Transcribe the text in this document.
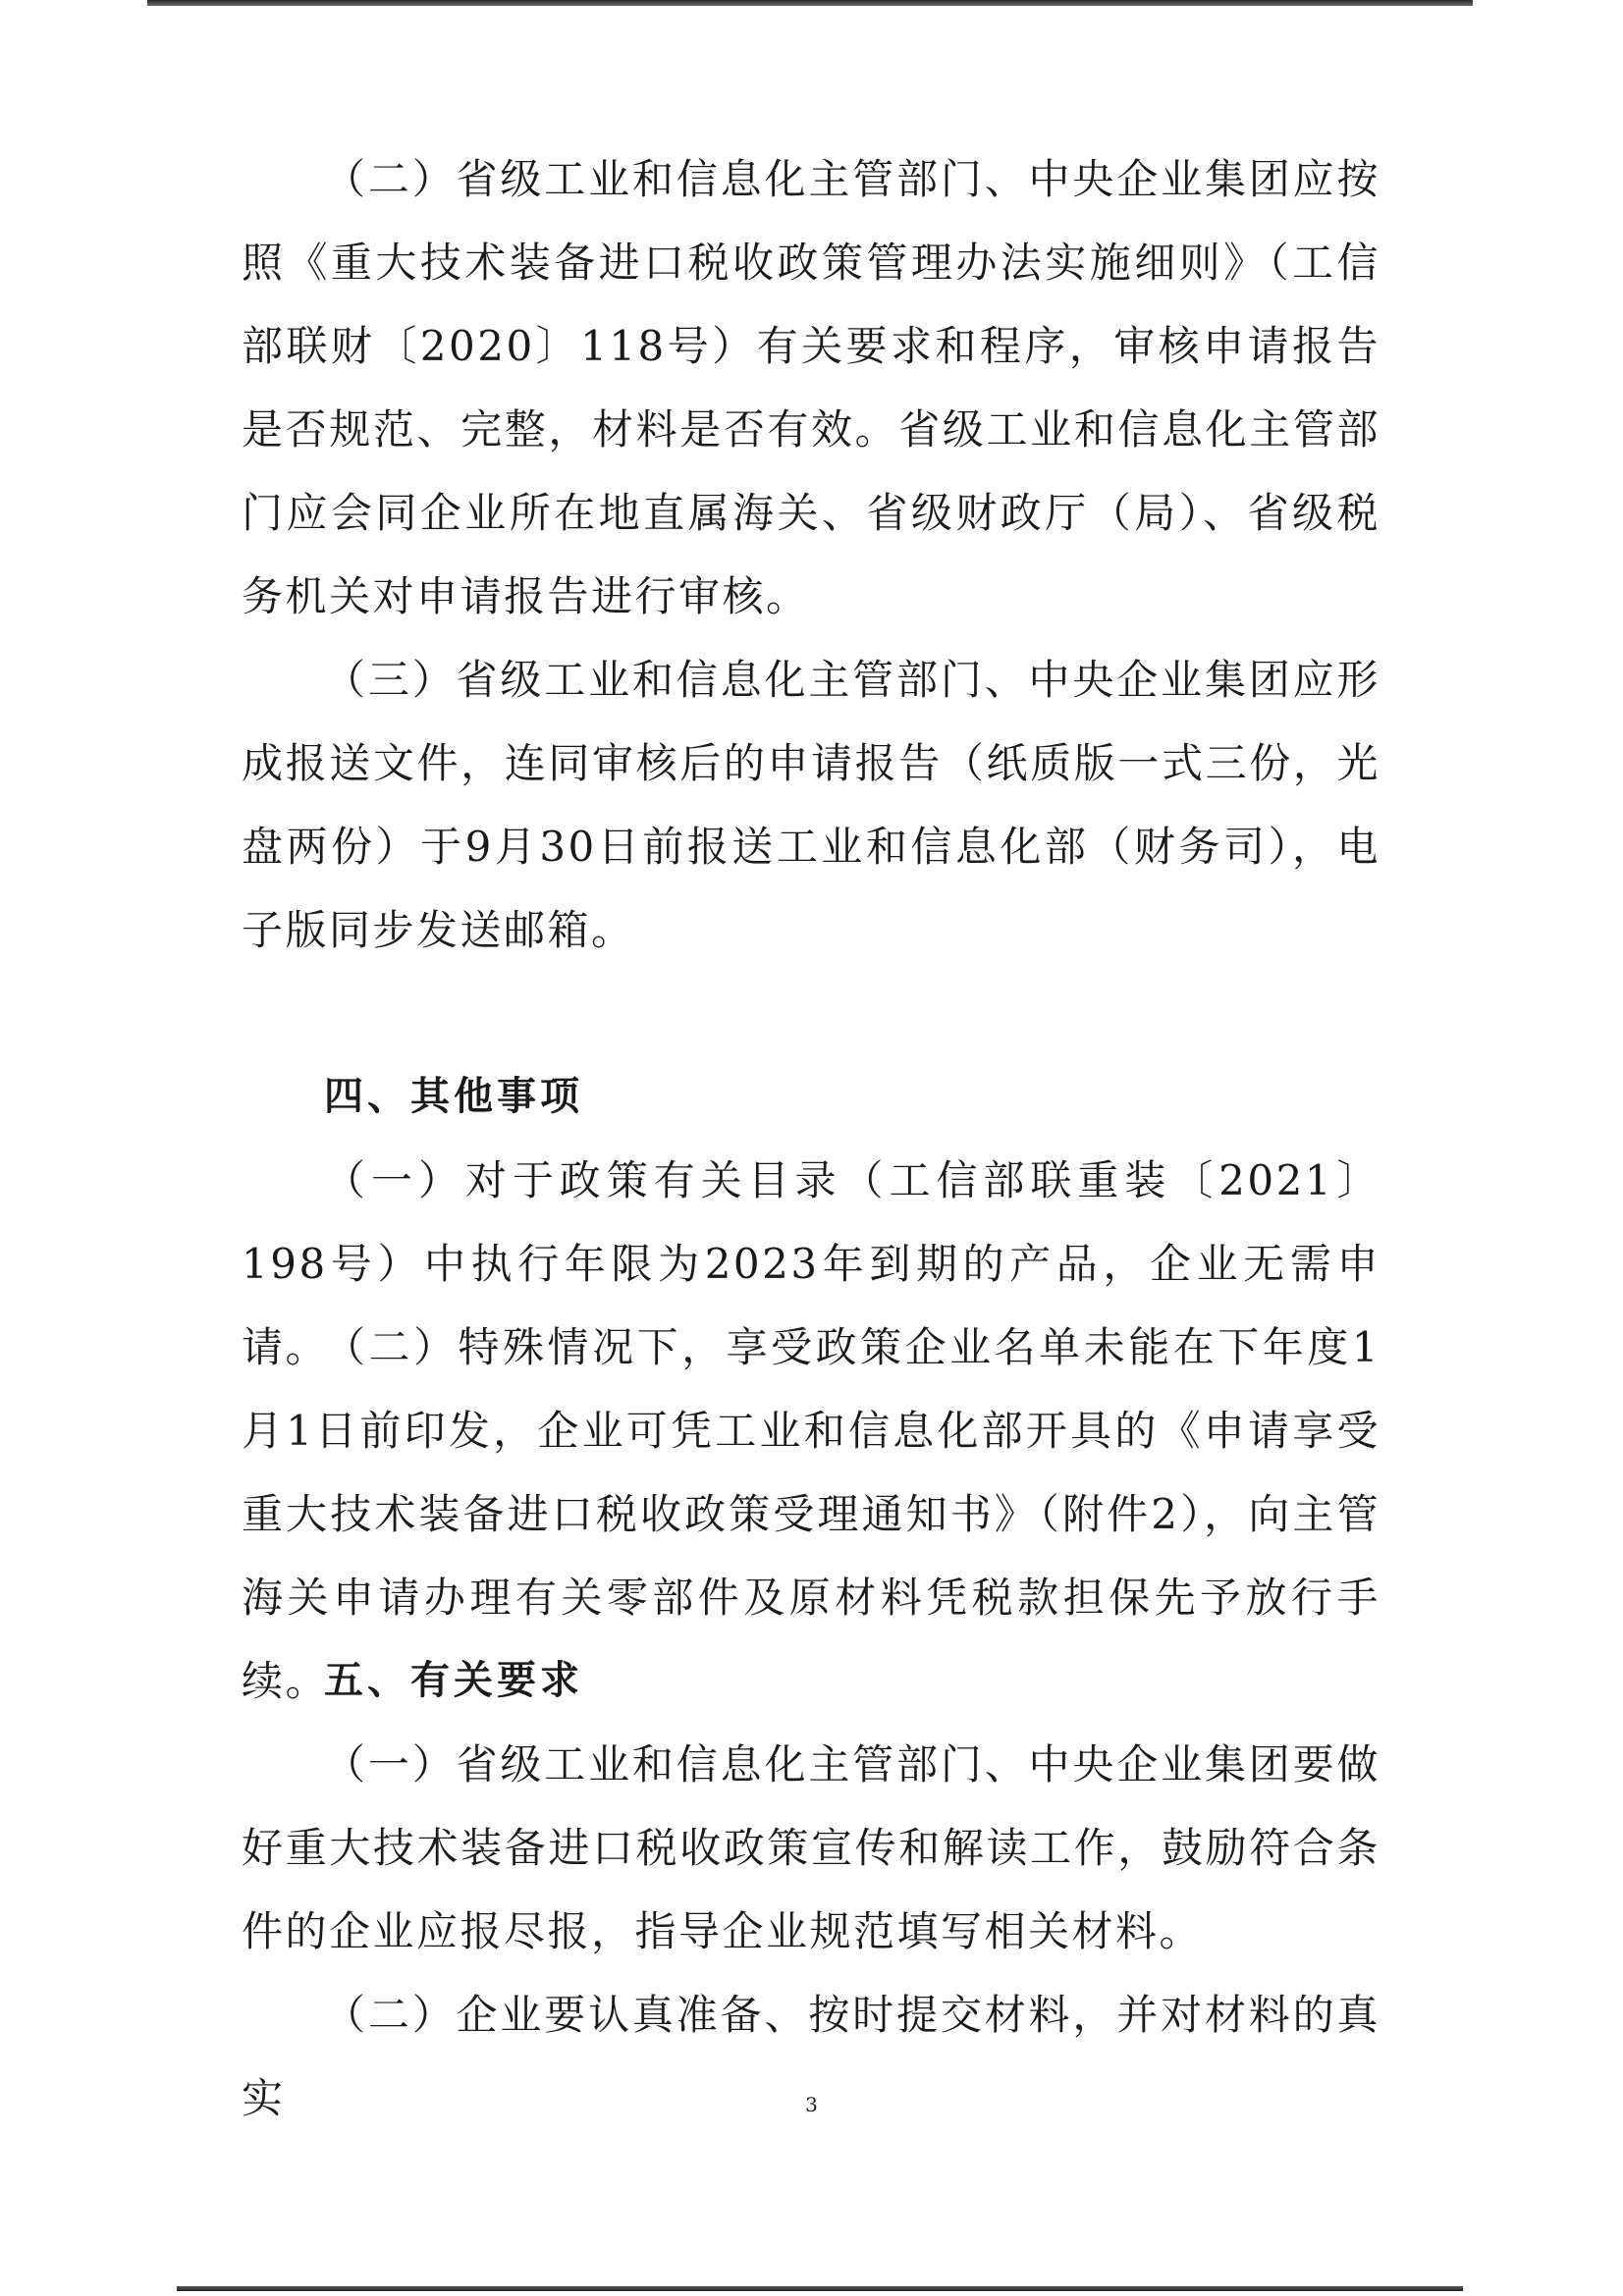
（二）省级工业和信息化主管部门、中央企业集团应按照《重大技术装备进口税收政策管理办法实施细则》（工信部联财〔2020〕118号）有关要求和程序，审核申请报告是否规范、完整，材料是否有效。省级工业和信息化主管部门应会同企业所在地直属海关、省级财政厅（局）、省级税务机关对申请报告进行审核。

（三）省级工业和信息化主管部门、中央企业集团应形成报送文件，连同审核后的申请报告（纸质版一式三份，光盘两份）于9月30日前报送工业和信息化部（财务司），电子版同步发送邮箱。

四、其他事项

（一）对于政策有关目录（工信部联重装〔2021〕198号）中执行年限为2023年到期的产品，企业无需申请。

（二）特殊情况下，享受政策企业名单未能在下年度1月1日前印发，企业可凭工业和信息化部开具的《申请享受重大技术装备进口税收政策受理通知书》（附件2），向主管海关申请办理有关零部件及原材料凭税款担保先予放行手续。

五、有关要求

（一）省级工业和信息化主管部门、中央企业集团要做好重大技术装备进口税收政策宣传和解读工作，鼓励符合条件的企业应报尽报，指导企业规范填写相关材料。

（二）企业要认真准备、按时提交材料，并对材料的真实	3
